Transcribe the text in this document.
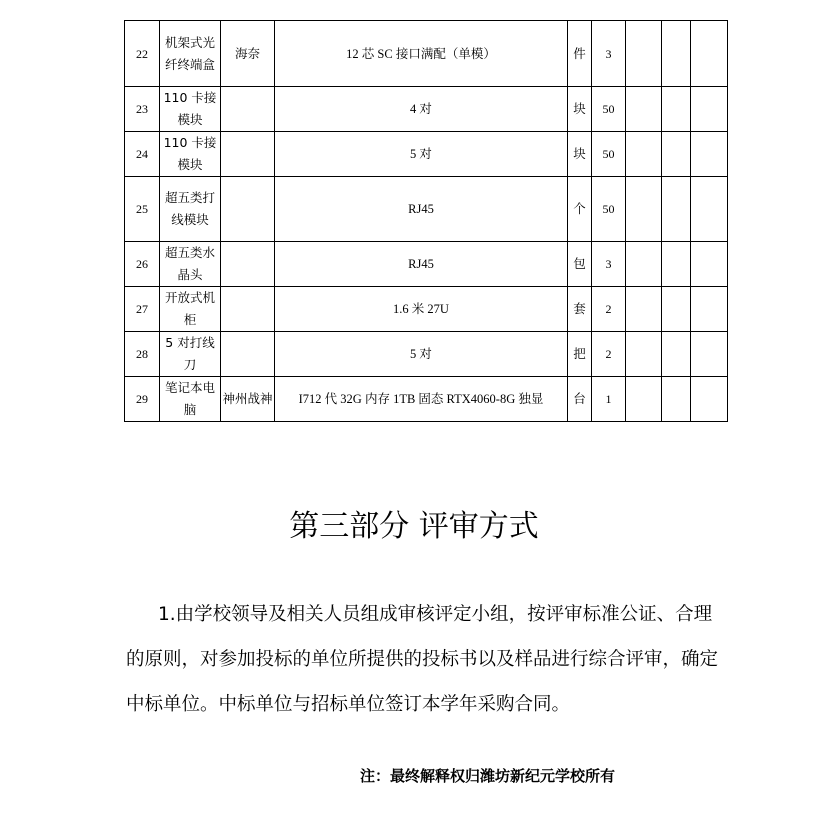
22	机架式光纤终端盒	海奈	12 芯 SC 接口满配（单模）	件	3			
23	110 卡接模块		4 对	块	50			
24	110 卡接模块		5 对	块	50			
25	超五类打线模块		RJ45	个	50			
26	超五类水晶头		RJ45	包	3			
27	开放式机柜		1.6 米 27U	套	2			
28	5 对打线刀		5 对	把	2			
29	笔记本电脑	神州战神	I712 代 32G 内存 1TB 固态 RTX4060-8G 独显	台	1			
第三部分 评审方式

1.由学校领导及相关人员组成审核评定小组，按评审标准公证、合理的原则，对参加投标的单位所提供的投标书以及样品进行综合评审，确定中标单位。中标单位与招标单位签订本学年采购合同。

注：最终解释权归潍坊新纪元学校所有
